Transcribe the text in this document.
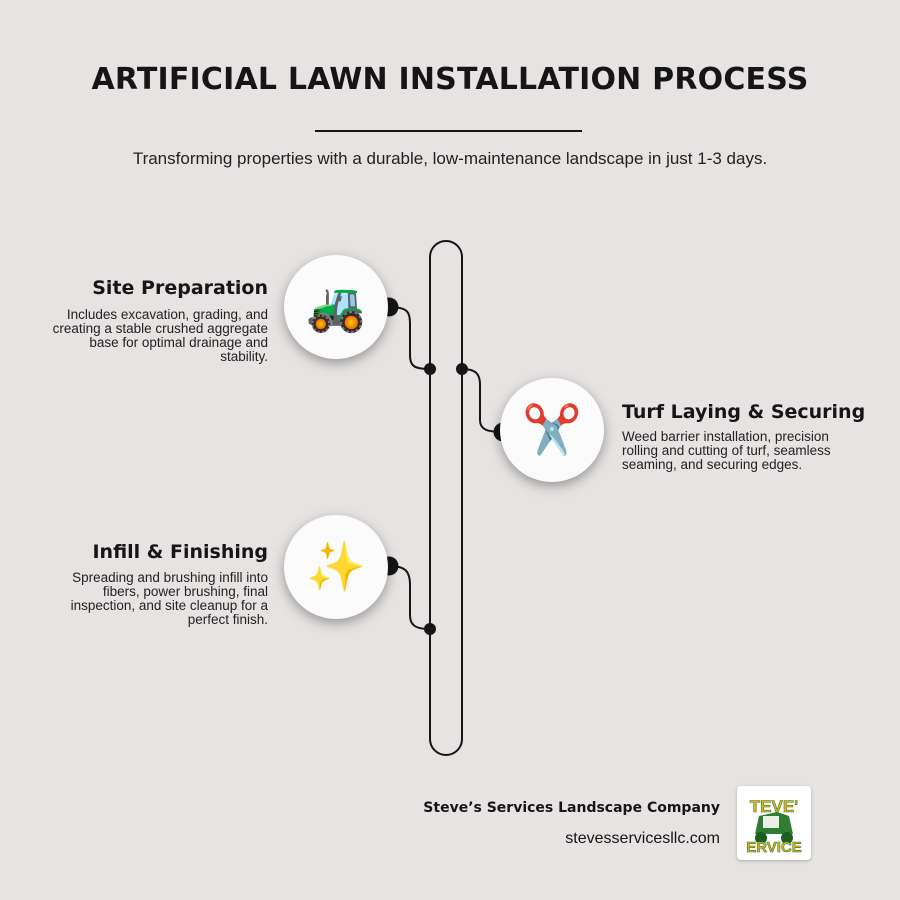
ARTIFICIAL LAWN INSTALLATION PROCESS
Transforming properties with a durable, low-maintenance landscape in just 1-3 days.
🚜
Site Preparation

Includes excavation, grading, and creating a stable crushed aggregate base for optimal drainage and stability.

✂️	Turf Laying & Securing

Weed barrier installation, precision rolling and cutting of turf, seamless seaming, and securing edges.

✨
Infill & Finishing

Spreading and brushing infill into fibers, power brushing, final inspection, and site cleanup for a perfect finish.

Steve’s Services Landscape Company
stevesservicesllc.com
TEVE'
ERVICE
